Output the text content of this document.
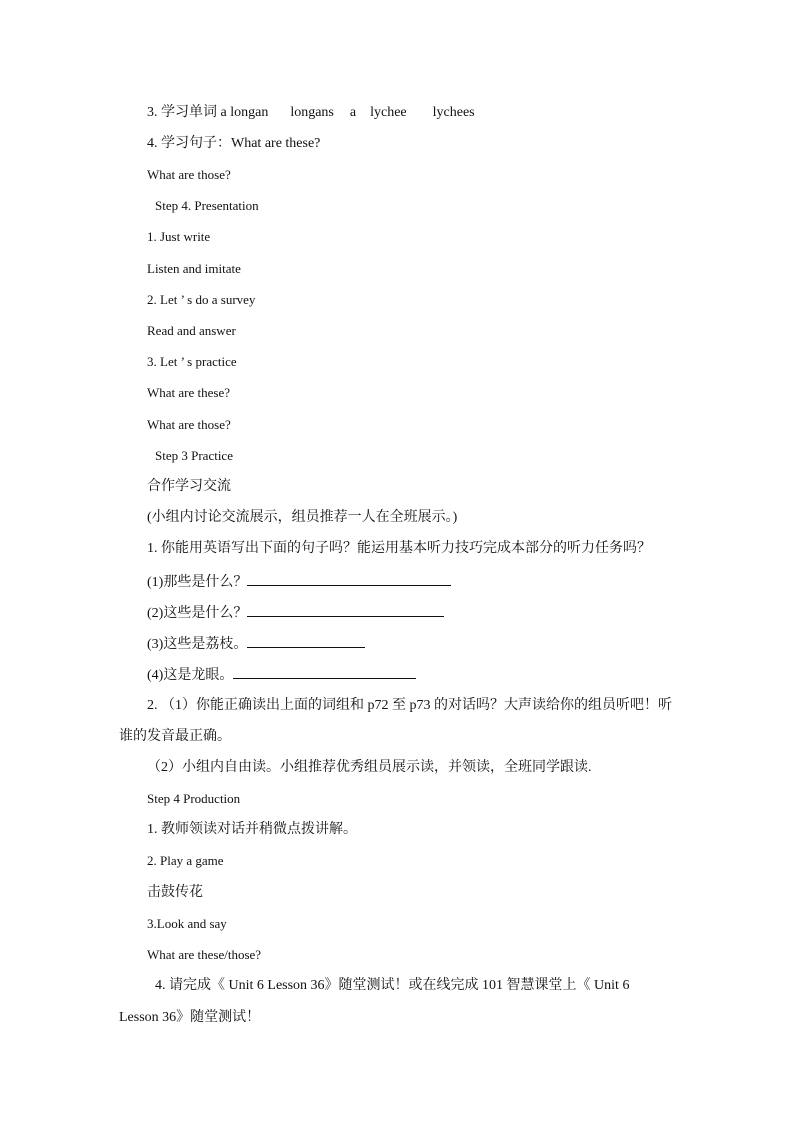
3. 学习单词 a longan longans a lychee lychees
4. 学习句子：What are these?
What are those?
Step 4. Presentation
1. Just write
Listen and imitate
2. Let ’ s do a survey
Read and answer
3. Let ’ s practice
What are these?
What are those?
Step 3 Practice
合作学习交流
(小组内讨论交流展示，组员推荐一人在全班展示。)
1. 你能用英语写出下面的句子吗？能运用基本听力技巧完成本部分的听力任务吗？
(1)那些是什么？
(2)这些是什么？
(3)这些是荔枝。
(4)这是龙眼。
2. （1）你能正确读出上面的词组和 p72 至 p73 的对话吗？大声读给你的组员听吧！听
谁的发音最正确。
（2）小组内自由读。小组推荐优秀组员展示读，并领读，全班同学跟读.
Step 4 Production
1. 教师领读对话并稍微点拨讲解。
2. Play a game
击鼓传花
3.Look and say
What are these/those?
4. 请完成《 Unit 6 Lesson 36》随堂测试！或在线完成 101 智慧课堂上《 Unit 6
Lesson 36》随堂测试！
